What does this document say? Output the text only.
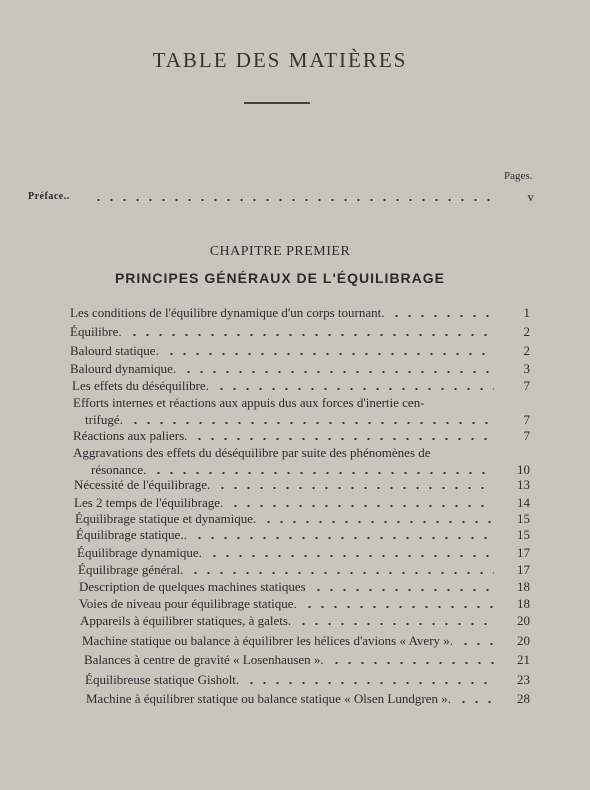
TABLE DES MATIÈRES
Pages.
Préface..	v
CHAPITRE PREMIER
PRINCIPES GÉNÉRAUX DE L'ÉQUILIBRAGE
Les conditions de l'équilibre dynamique d'un corps tournant.	1
Équilibre.	2
Balourd statique.	2
Balourd dynamique.	3
Les effets du déséquilibre.	7
Efforts internes et réactions aux appuis dus aux forces d'inertie cen-
trifugé.	7
Réactions aux paliers.	7
Aggravations des effets du déséquilibre par suite des phénomènes de
résonance.	10
Nécessité de l'équilibrage.	13
Les 2 temps de l'équilibrage.	14
Équilibrage statique et dynamique.	15
Équilibrage statique..	15
Équilibrage dynamique.	17
Équilibrage général.	17
Description de quelques machines statiques	18
Voies de niveau pour équilibrage statique.	18
Appareils à équilibrer statiques, à galets.	20
Machine statique ou balance à équilibrer les hélices d'avions « Avery ».	20
Balances à centre de gravité « Losenhausen ».	21
Équilibreuse statique Gisholt.	23
Machine à équilibrer statique ou balance statique « Olsen Lundgren ».	28
